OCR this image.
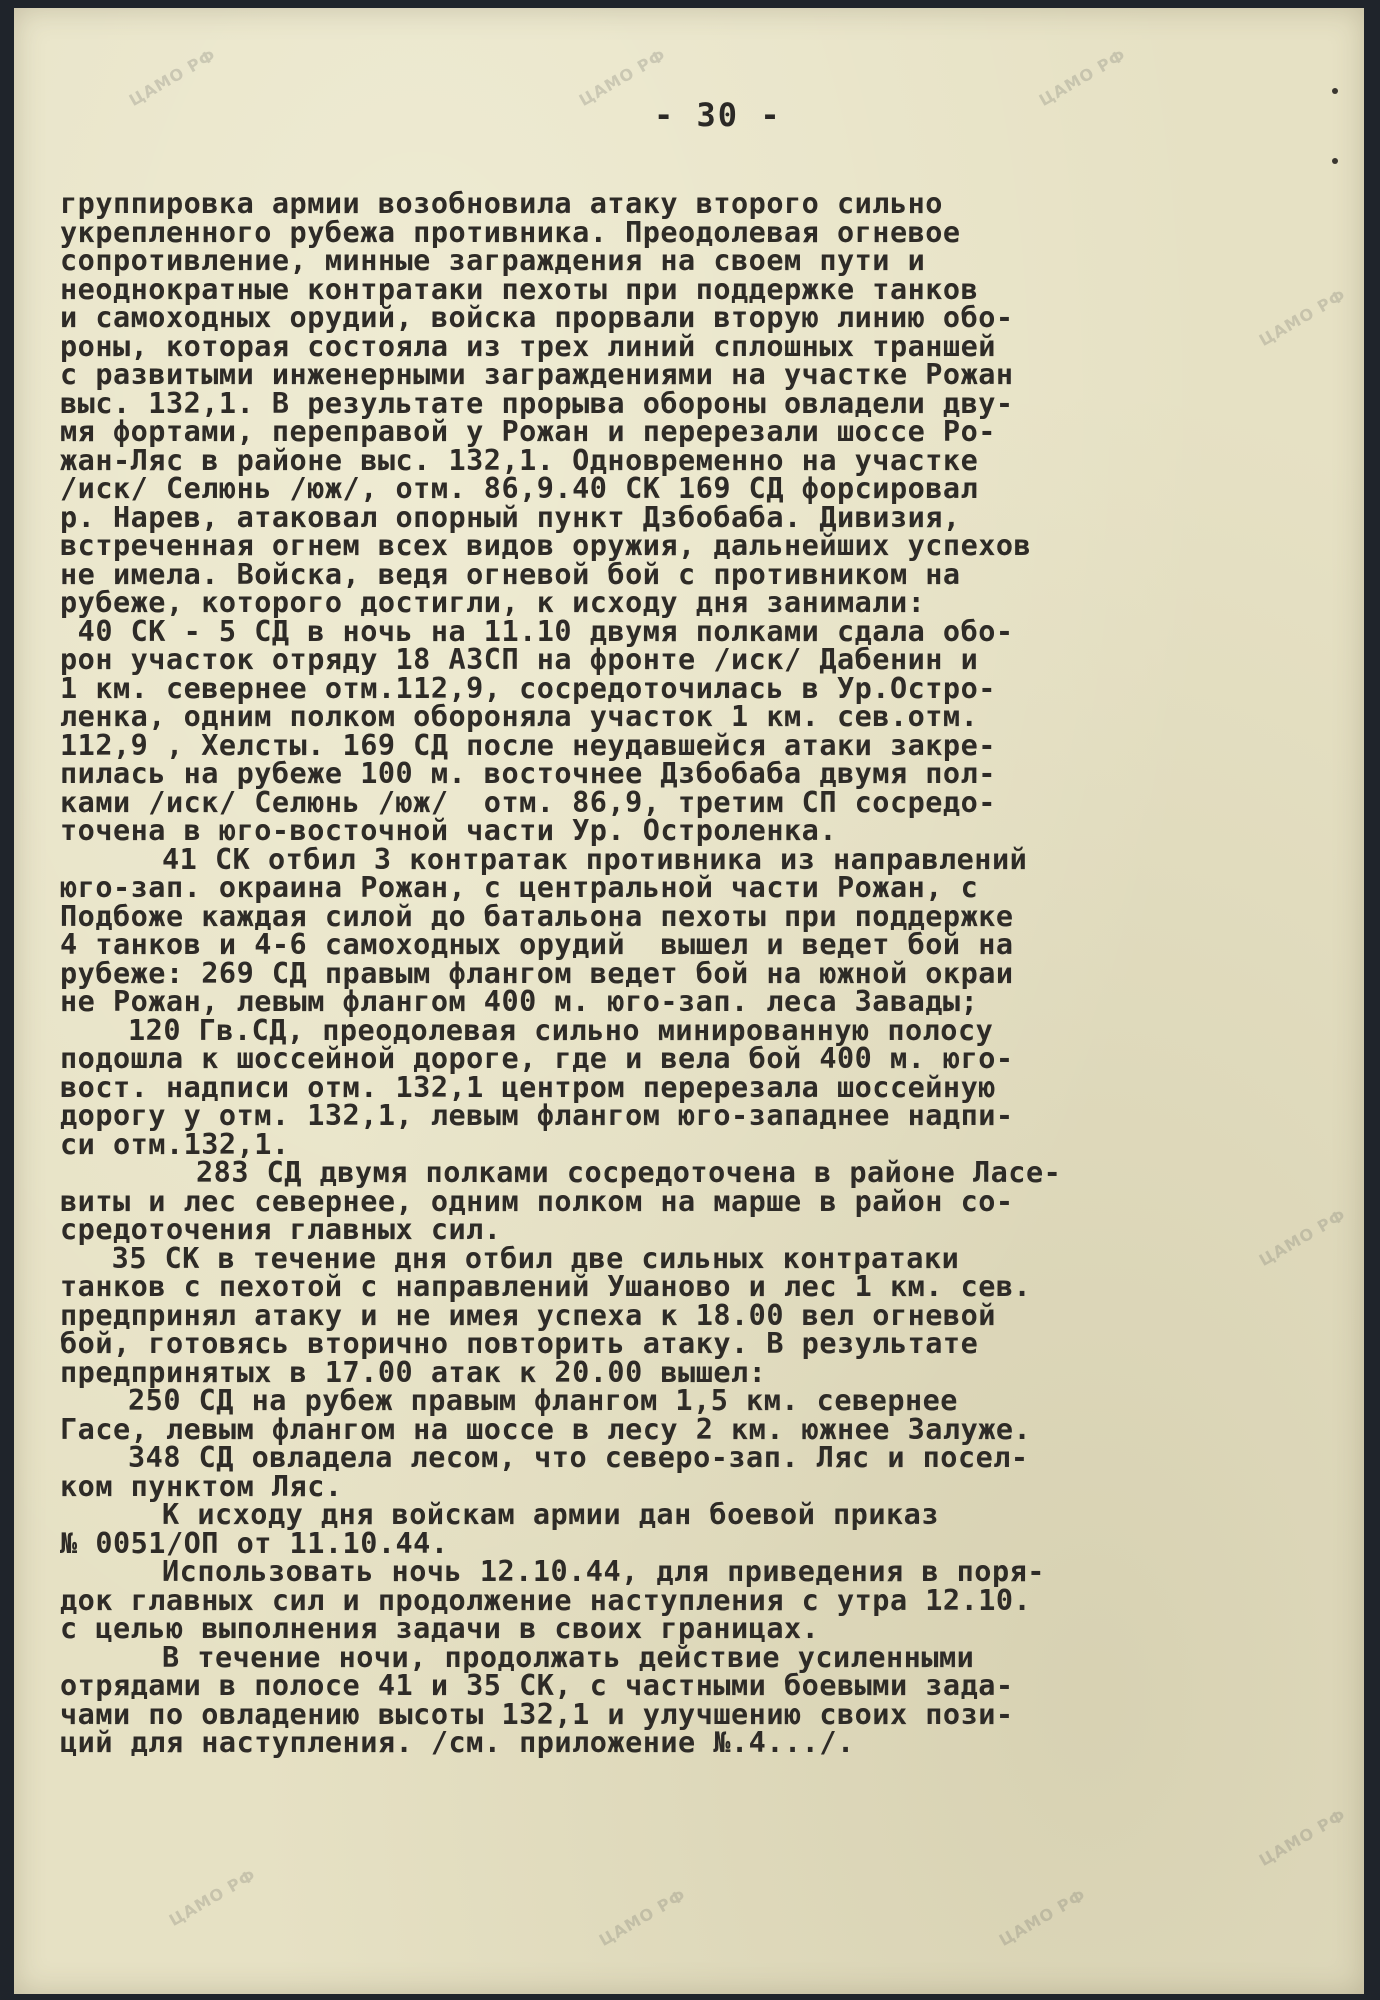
- 30 -
группировка армии возобновила атаку второго сильно
укрепленного рубежа противника. Преодолевая огневое
сопротивление, минные заграждения на своем пути и
неоднократные контратаки пехоты при поддержке танков
и самоходных орудий, войска прорвали вторую линию обо-
роны, которая состояла из трех линий сплошных траншей
с развитыми инженерными заграждениями на участке Рожан
выс. 132,1. В результате прорыва обороны овладели дву-
мя фортами, переправой у Рожан и перерезали шоссе Ро-
жан-Ляс в районе выс. 132,1. Одновременно на участке
/иск/ Селюнь /юж/, отм. 86,9.40 СК 169 СД форсировал
р. Нарев, атаковал опорный пункт Дзбобаба. Дивизия,
встреченная огнем всех видов оружия, дальнейших успехов
не имела. Войска, ведя огневой бой с противником на
рубеже, которого достигли, к исходу дня занимали:
40 СК - 5 СД в ночь на 11.10 двумя полками сдала обо-
рон участок отряду 18 АЗСП на фронте /иск/ Дабенин и
1 км. севернее отм.112,9, сосредоточилась в Ур.Остро-
ленка, одним полком обороняла участок 1 км. сев.отм.
112,9 , Хелсты. 169 СД после неудавшейся атаки закре-
пилась на рубеже 100 м. восточнее Дзбобаба двумя пол-
ками /иск/ Селюнь /юж/  отм. 86,9, третим СП сосредо-
точена в юго-восточной части Ур. Остроленка.
41 СК отбил 3 контратак противника из направлений
юго-зап. окраина Рожан, с центральной части Рожан, с
Подбоже каждая силой до батальона пехоты при поддержке
4 танков и 4-6 самоходных орудий  вышел и ведет бой на
рубеже: 269 СД правым флангом ведет бой на южной окраи
не Рожан, левым флангом 400 м. юго-зап. леса Завады;
120 Гв.СД, преодолевая сильно минированную полосу
подошла к шоссейной дороге, где и вела бой 400 м. юго-
вост. надписи отм. 132,1 центром перерезала шоссейную
дорогу у отм. 132,1, левым флангом юго-западнее надпи-
си отм.132,1.
283 СД двумя полками сосредоточена в районе Ласе-
виты и лес севернее, одним полком на марше в район со-
средоточения главных сил.
35 СК в течение дня отбил две сильных контратаки
танков с пехотой с направлений Ушаново и лес 1 км. сев.
предпринял атаку и не имея успеха к 18.00 вел огневой
бой, готовясь вторично повторить атаку. В результате
предпринятых в 17.00 атак к 20.00 вышел:
250 СД на рубеж правым флангом 1,5 км. севернее
Гасе, левым флангом на шоссе в лесу 2 км. южнее Залуже.
348 СД овладела лесом, что северо-зап. Ляс и посел-
ком пунктом Ляс.
К исходу дня войскам армии дан боевой приказ
№ 0051/ОП от 11.10.44.
Использовать ночь 12.10.44, для приведения в поря-
док главных сил и продолжение наступления с утра 12.10.
с целью выполнения задачи в своих границах.
В течение ночи, продолжать действие усиленными
отрядами в полосе 41 и 35 СК, с частными боевыми зада-
чами по овладению высоты 132,1 и улучшению своих пози-
ций для наступления. /см. приложение №.4.../.
ЦАМО РФ	ЦАМО РФ	ЦАМО РФ
ЦАМО РФ
ЦАМО РФ
ЦАМО РФ
ЦАМО РФ	ЦАМО РФ	ЦАМО РФ
